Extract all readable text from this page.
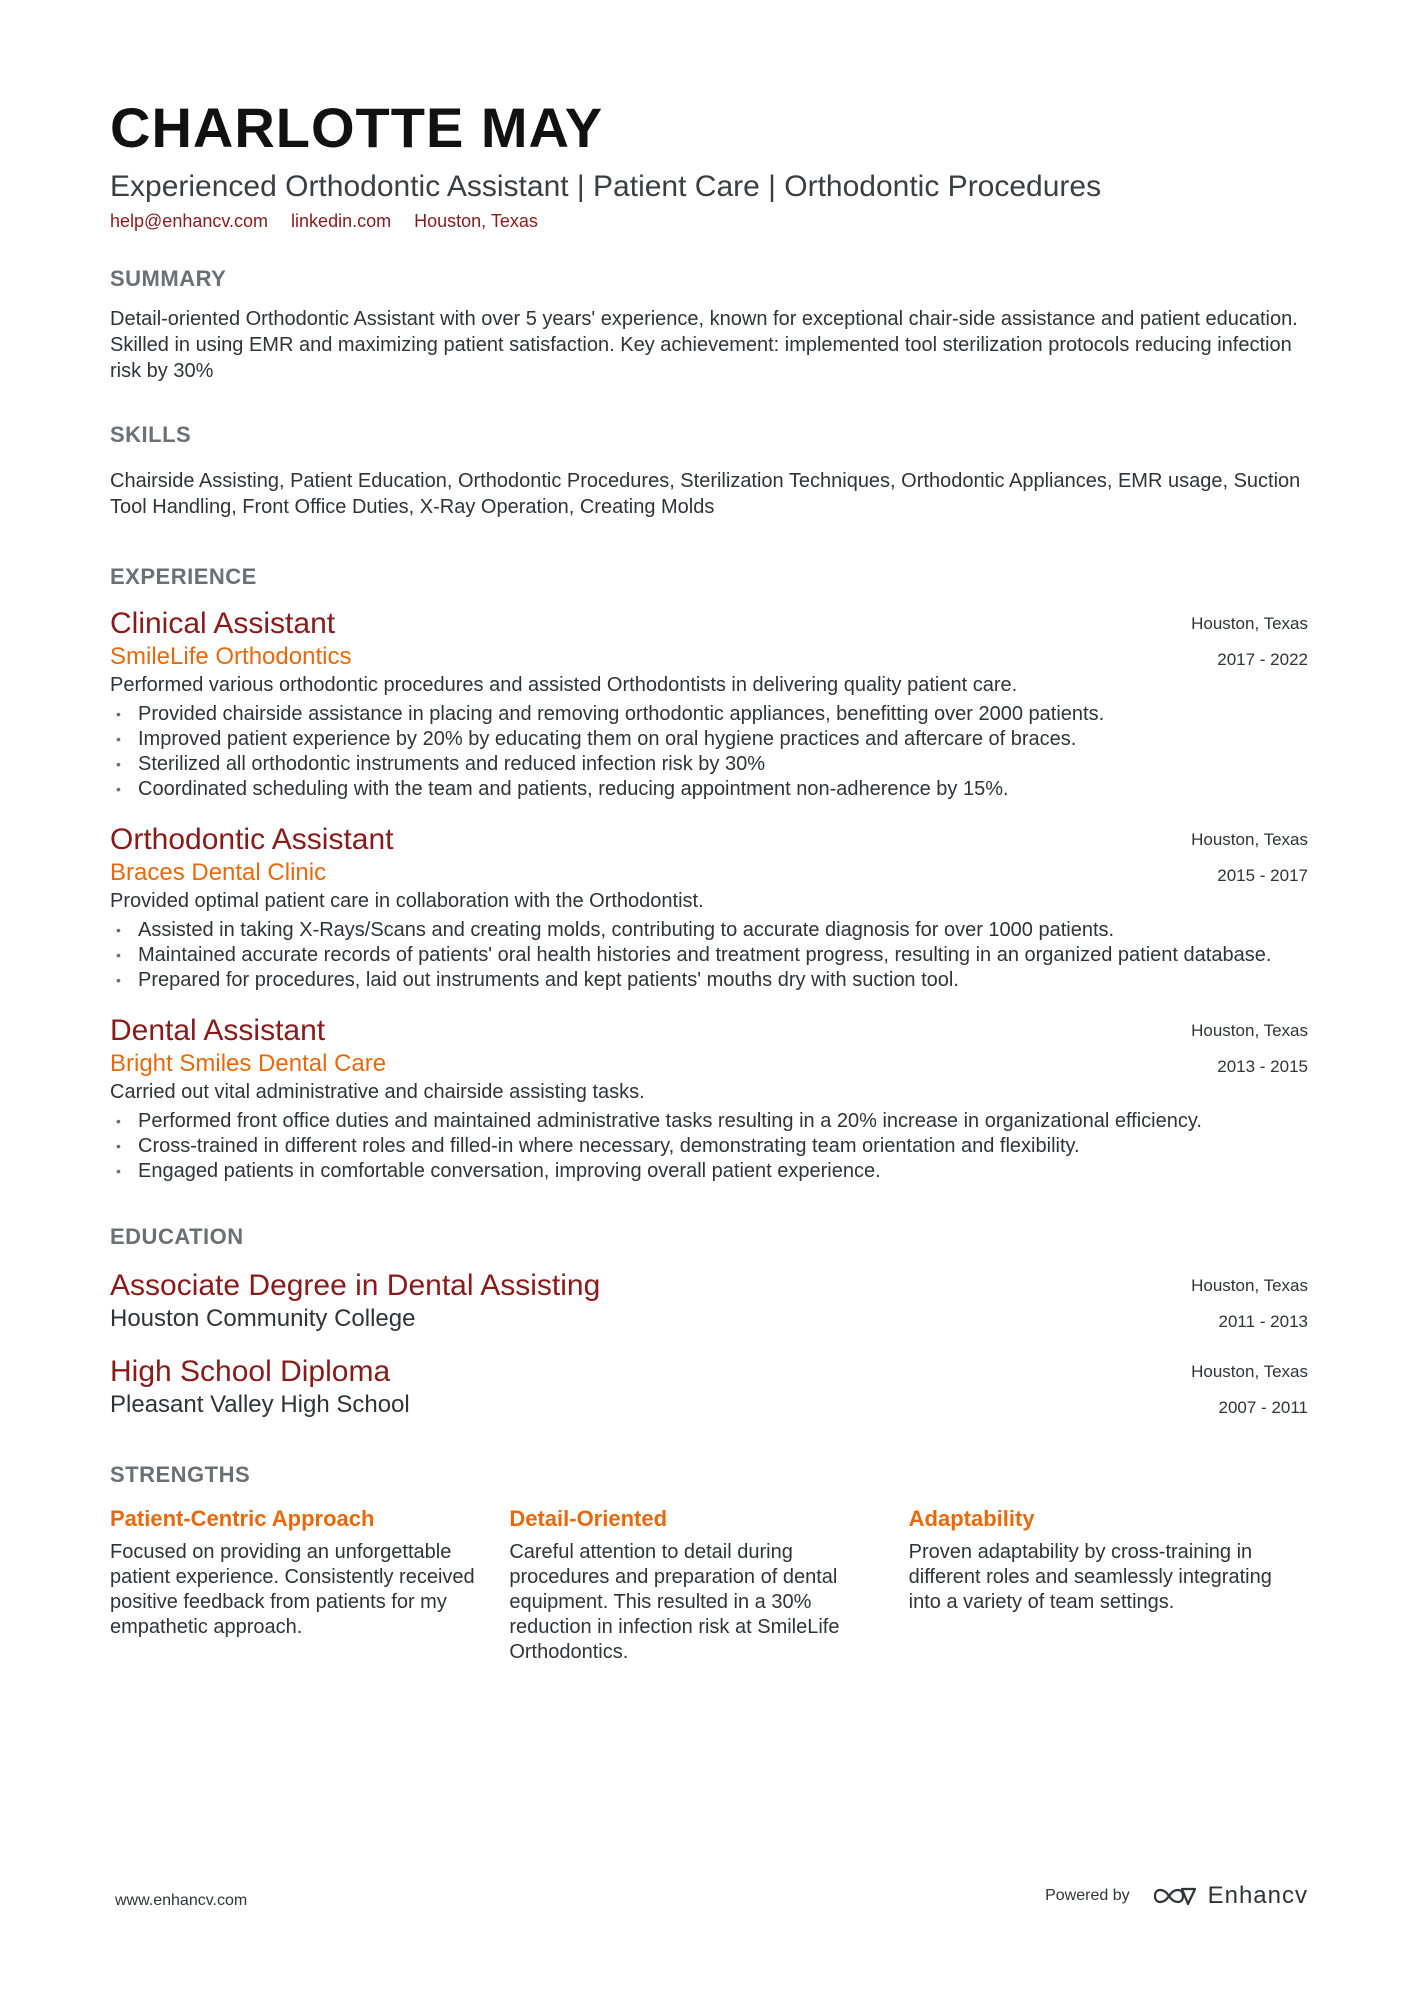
CHARLOTTE MAY
Experienced Orthodontic Assistant | Patient Care | Orthodontic Procedures
help@enhancv.com linkedin.com Houston, Texas
SUMMARY
Detail-oriented Orthodontic Assistant with over 5 years' experience, known for exceptional chair-side assistance and patient education. Skilled in using EMR and maximizing patient satisfaction. Key achievement: implemented tool sterilization protocols reducing infection risk by 30%
SKILLS
Chairside Assisting, Patient Education, Orthodontic Procedures, Sterilization Techniques, Orthodontic Appliances, EMR usage, Suction Tool Handling, Front Office Duties, X-Ray Operation, Creating Molds
EXPERIENCE
Houston, Texas
2017 - 2022
Clinical Assistant
SmileLife Orthodontics
Performed various orthodontic procedures and assisted Orthodontists in delivering quality patient care.
• Provided chairside assistance in placing and removing orthodontic appliances, benefitting over 2000 patients.
• Improved patient experience by 20% by educating them on oral hygiene practices and aftercare of braces.
• Sterilized all orthodontic instruments and reduced infection risk by 30%
• Coordinated scheduling with the team and patients, reducing appointment non-adherence by 15%.
Houston, Texas
2015 - 2017
Orthodontic Assistant
Braces Dental Clinic
Provided optimal patient care in collaboration with the Orthodontist.
• Assisted in taking X-Rays/Scans and creating molds, contributing to accurate diagnosis for over 1000 patients.
• Maintained accurate records of patients' oral health histories and treatment progress, resulting in an organized patient database.
• Prepared for procedures, laid out instruments and kept patients' mouths dry with suction tool.
Houston, Texas
2013 - 2015
Dental Assistant
Bright Smiles Dental Care
Carried out vital administrative and chairside assisting tasks.
• Performed front office duties and maintained administrative tasks resulting in a 20% increase in organizational efficiency.
• Cross-trained in different roles and filled-in where necessary, demonstrating team orientation and flexibility.
• Engaged patients in comfortable conversation, improving overall patient experience.
EDUCATION
Houston, Texas
2011 - 2013
Associate Degree in Dental Assisting
Houston Community College
Houston, Texas
2007 - 2011
High School Diploma
Pleasant Valley High School
STRENGTHS
Patient-Centric Approach
Focused on providing an unforgettable patient experience. Consistently received positive feedback from patients for my empathetic approach.
Detail-Oriented
Careful attention to detail during procedures and preparation of dental equipment. This resulted in a 30% reduction in infection risk at SmileLife Orthodontics.
Adaptability
Proven adaptability by cross-training in different roles and seamlessly integrating into a variety of team settings.
www.enhancv.com	Powered by	Enhancv
